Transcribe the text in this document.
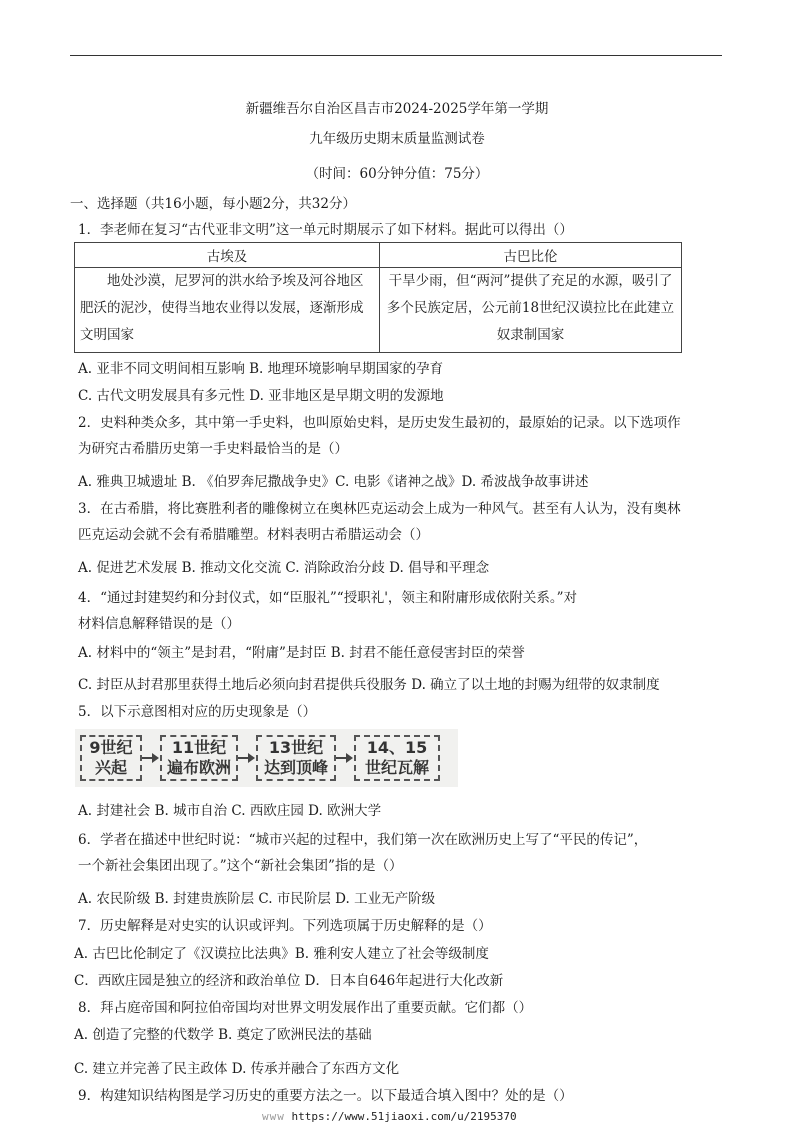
新疆维吾尔自治区昌吉市2024-2025学年第一学期
九年级历史期末质量监测试卷
（时间：60分钟分值：75分）
一、选择题（共16小题，每小题2分，共32分）
1．李老师在复习“古代亚非文明”这一单元时期展示了如下材料。据此可以得出（）
古埃及	古巴比伦
地处沙漠，尼罗河的洪水给予埃及河谷地区肥沃的泥沙，使得当地农业得以发展，逐渐形成文明国家	干旱少雨，但“两河”提供了充足的水源，吸引了多个民族定居，公元前18世纪汉谟拉比在此建立奴隶制国家
A. 亚非不同文明间相互影响 B. 地理环境影响早期国家的孕育
C. 古代文明发展具有多元性 D. 亚非地区是早期文明的发源地
2．史料种类众多，其中第一手史料，也叫原始史料，是历史发生最初的，最原始的记录。以下选项作
为研究古希腊历史第一手史料最恰当的是（）
A. 雅典卫城遗址 B. 《伯罗奔尼撒战争史》C. 电影《诸神之战》D. 希波战争故事讲述
3．在古希腊，将比赛胜利者的雕像树立在奥林匹克运动会上成为一种风气。甚至有人认为，没有奥林
匹克运动会就不会有希腊雕塑。材料表明古希腊运动会（）
A. 促进艺术发展 B. 推动文化交流 C. 消除政治分歧 D. 倡导和平理念
4．“通过封建契约和分封仪式，如“臣服礼”“授职礼'，领主和附庸形成依附关系。”对
材料信息解释错误的是（）
A. 材料中的“领主”是封君，“附庸”是封臣 B. 封君不能任意侵害封臣的荣誉
C. 封臣从封君那里获得土地后必须向封君提供兵役服务 D. 确立了以土地的封赐为纽带的奴隶制度
5．以下示意图相对应的历史现象是（）
9世纪
兴起
11世纪
遍布欧洲
13世纪
达到顶峰
14、15
世纪瓦解
A. 封建社会 B. 城市自治 C. 西欧庄园 D. 欧洲大学
6．学者在描述中世纪时说：“城市兴起的过程中，我们第一次在欧洲历史上写了“平民的传记”，
一个新社会集团出现了。”这个“新社会集团”指的是（）
A. 农民阶级 B. 封建贵族阶层 C. 市民阶层 D. 工业无产阶级
7．历史解释是对史实的认识或评判。下列选项属于历史解释的是（）
A. 古巴比伦制定了《汉谟拉比法典》B. 雅利安人建立了社会等级制度
C．西欧庄园是独立的经济和政治单位 D．日本自646年起进行大化改新
8．拜占庭帝国和阿拉伯帝国均对世界文明发展作出了重要贡献。它们都（）
A. 创造了完整的代数学 B. 奠定了欧洲民法的基础
C. 建立并完善了民主政体 D. 传承并融合了东西方文化
9．构建知识结构图是学习历史的重要方法之一。以下最适合填入图中？处的是（）
www https://www.51jiaoxi.com/u/2195370
